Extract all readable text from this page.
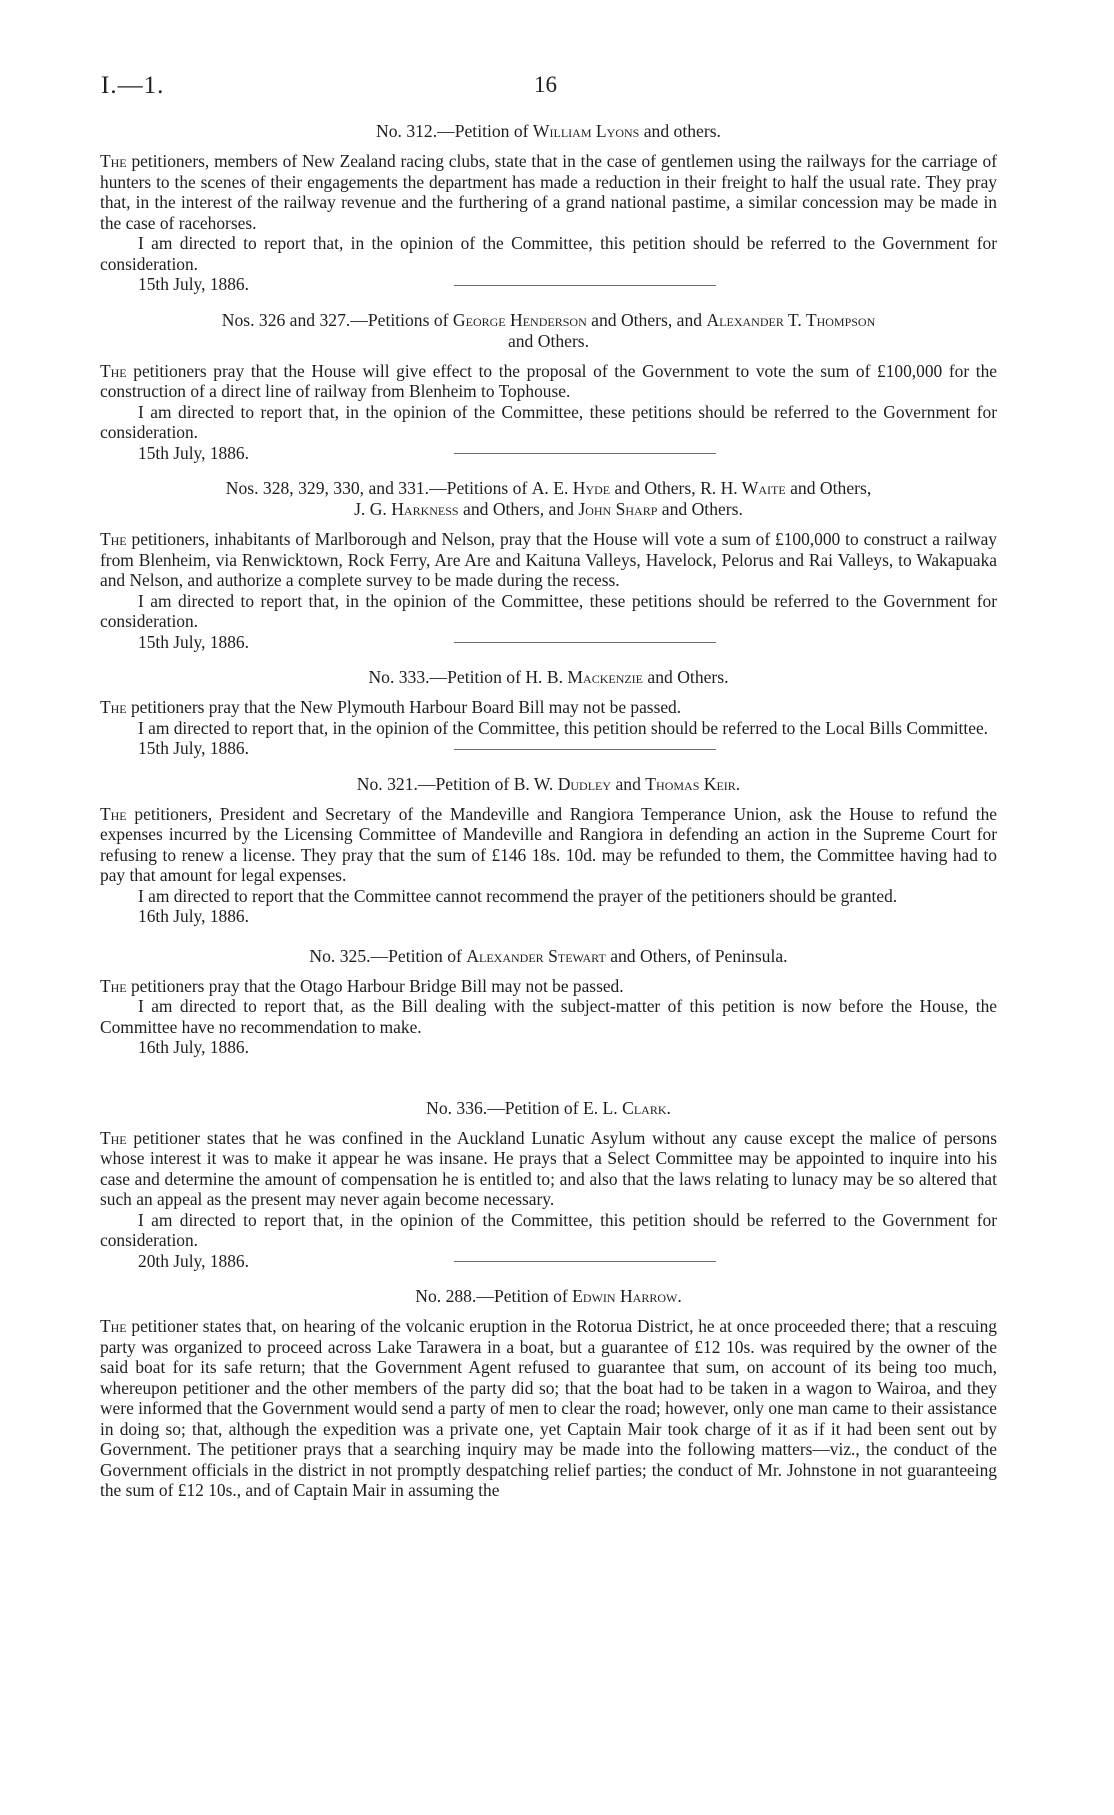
I.—1.	16

No. 312.—Petition of William Lyons and others.

The petitioners, members of New Zealand racing clubs, state that in the case of gentlemen using the railways for the carriage of hunters to the scenes of their engagements the department has made a reduction in their freight to half the usual rate. They pray that, in the interest of the railway revenue and the furthering of a grand national pastime, a similar concession may be made in the case of racehorses.

I am directed to report that, in the opinion of the Committee, this petition should be referred to the Government for consideration.

15th July, 1886.

Nos. 326 and 327.—Petitions of George Henderson and Others, and Alexander T. Thompson

and Others.

The petitioners pray that the House will give effect to the proposal of the Government to vote the sum of £100,000 for the construction of a direct line of railway from Blenheim to Tophouse.

I am directed to report that, in the opinion of the Committee, these petitions should be referred to the Government for consideration.

15th July, 1886.

Nos. 328, 329, 330, and 331.—Petitions of A. E. Hyde and Others, R. H. Waite and Others,

J. G. Harkness and Others, and John Sharp and Others.

The petitioners, inhabitants of Marlborough and Nelson, pray that the House will vote a sum of £100,000 to construct a railway from Blenheim, via Renwicktown, Rock Ferry, Are Are and Kaituna Valleys, Havelock, Pelorus and Rai Valleys, to Wakapuaka and Nelson, and authorize a complete survey to be made during the recess.

I am directed to report that, in the opinion of the Committee, these petitions should be referred to the Government for consideration.

15th July, 1886.

No. 333.—Petition of H. B. Mackenzie and Others.

The petitioners pray that the New Plymouth Harbour Board Bill may not be passed.

I am directed to report that, in the opinion of the Committee, this petition should be referred to the Local Bills Committee.

15th July, 1886.

No. 321.—Petition of B. W. Dudley and Thomas Keir.

The petitioners, President and Secretary of the Mandeville and Rangiora Temperance Union, ask the House to refund the expenses incurred by the Licensing Committee of Mandeville and Rangiora in defending an action in the Supreme Court for refusing to renew a license. They pray that the sum of £146 18s. 10d. may be refunded to them, the Committee having had to pay that amount for legal expenses.

I am directed to report that the Committee cannot recommend the prayer of the petitioners should be granted.

16th July, 1886.

No. 325.—Petition of Alexander Stewart and Others, of Peninsula.

The petitioners pray that the Otago Harbour Bridge Bill may not be passed.

I am directed to report that, as the Bill dealing with the subject-matter of this petition is now before the House, the Committee have no recommendation to make.

16th July, 1886.

No. 336.—Petition of E. L. Clark.

The petitioner states that he was confined in the Auckland Lunatic Asylum without any cause except the malice of persons whose interest it was to make it appear he was insane. He prays that a Select Committee may be appointed to inquire into his case and determine the amount of compensation he is entitled to; and also that the laws relating to lunacy may be so altered that such an appeal as the present may never again become necessary.

I am directed to report that, in the opinion of the Committee, this petition should be referred to the Government for consideration.

20th July, 1886.

No. 288.—Petition of Edwin Harrow.

The petitioner states that, on hearing of the volcanic eruption in the Rotorua District, he at once proceeded there; that a rescuing party was organized to proceed across Lake Tarawera in a boat, but a guarantee of £12 10s. was required by the owner of the said boat for its safe return; that the Government Agent refused to guarantee that sum, on account of its being too much, whereupon petitioner and the other members of the party did so; that the boat had to be taken in a wagon to Wairoa, and they were informed that the Government would send a party of men to clear the road; however, only one man came to their assistance in doing so; that, although the expedition was a private one, yet Captain Mair took charge of it as if it had been sent out by Government. The petitioner prays that a searching inquiry may be made into the following matters—viz., the conduct of the Government officials in the district in not promptly despatching relief parties; the conduct of Mr. Johnstone in not guaranteeing the sum of £12 10s., and of Captain Mair in assuming the
